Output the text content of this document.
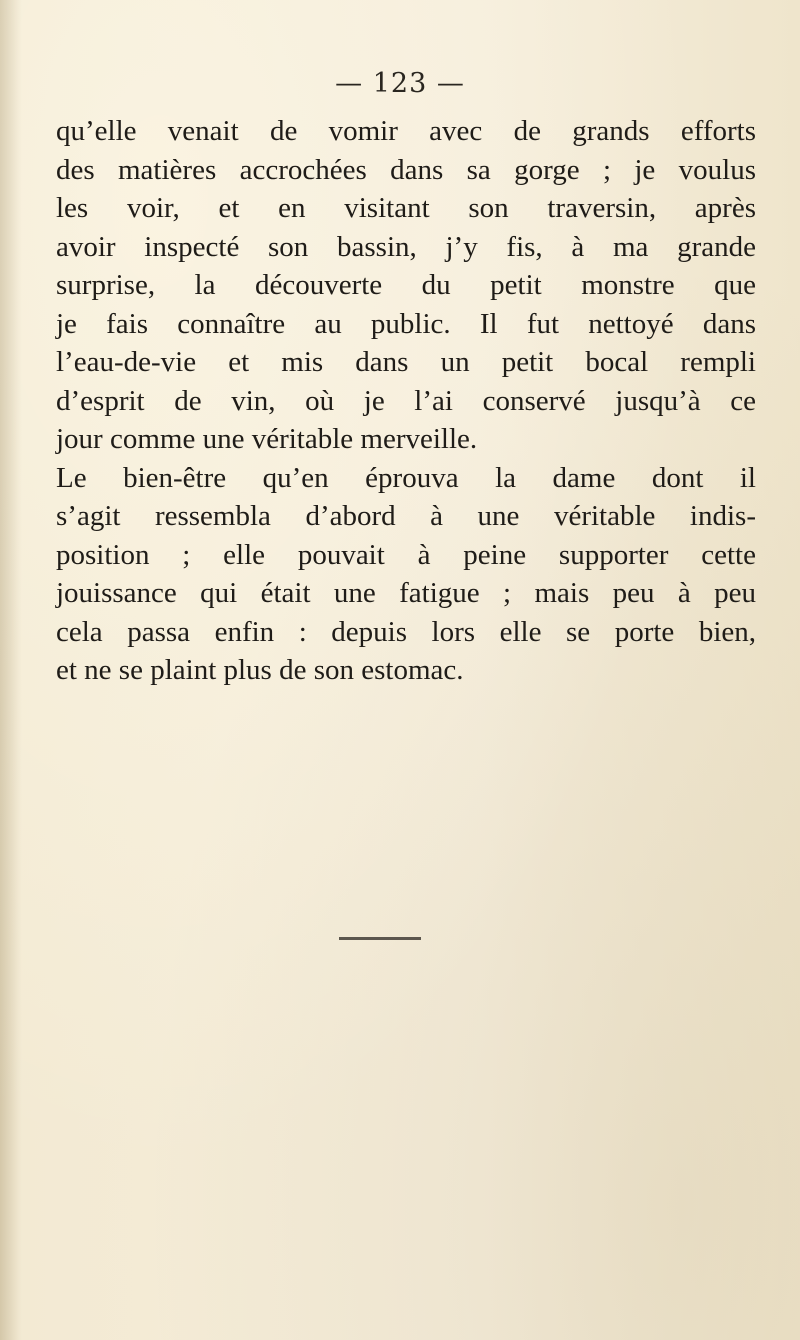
— 123 —
qu’elle venait de vomir avec de grands efforts
des matières accrochées dans sa gorge ; je voulus
les voir, et en visitant son traversin, après
avoir inspecté son bassin, j’y fis, à ma grande
surprise, la découverte du petit monstre que
je fais connaître au public. Il fut nettoyé dans
l’eau-de-vie et mis dans un petit bocal rempli
d’esprit de vin, où je l’ai conservé jusqu’à ce
jour comme une véritable merveille.
Le bien-être qu’en éprouva la dame dont il
s’agit ressembla d’abord à une véritable indis-
position ; elle pouvait à peine supporter cette
jouissance qui était une fatigue ; mais peu à peu
cela passa enfin : depuis lors elle se porte bien,
et ne se plaint plus de son estomac.
